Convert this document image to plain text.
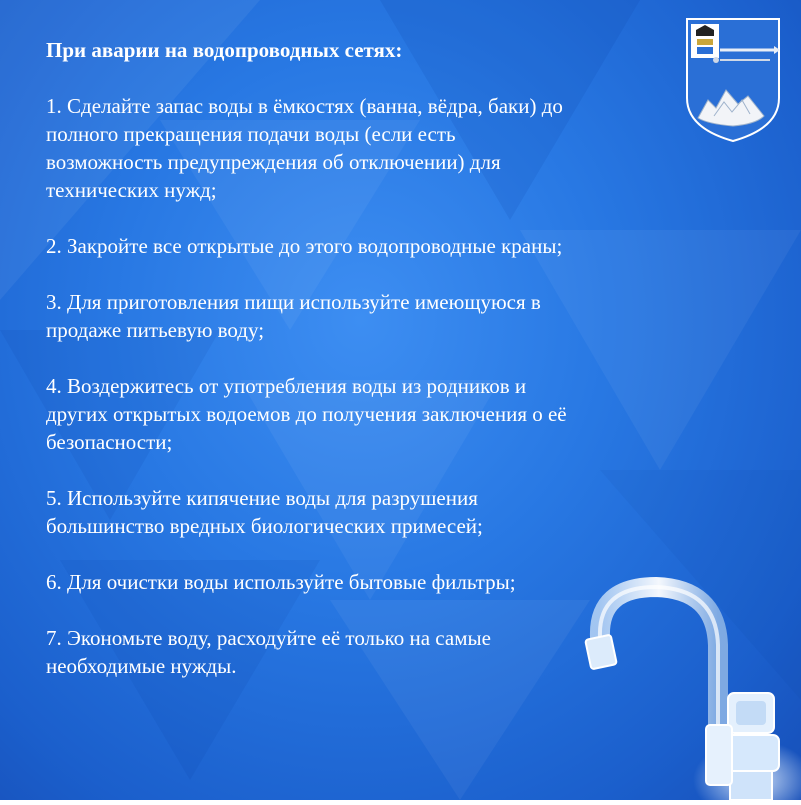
При аварии на водопроводных сетях:
1. Сделайте запас воды в ёмкостях (ванна, вёдра, баки) до
полного прекращения подачи воды (если есть
возможность предупреждения об отключении) для
технических нужд;
2. Закройте все открытые до этого водопроводные краны;
3. Для приготовления пищи используйте имеющуюся в
продаже питьевую воду;
4. Воздержитесь от употребления воды из родников и
других открытых водоемов до получения заключения о её
безопасности;
5. Используйте кипячение воды для разрушения
большинство вредных биологических примесей;
6. Для очистки воды используйте бытовые фильтры;
7. Экономьте воду, расходуйте её только на самые
необходимые нужды.
